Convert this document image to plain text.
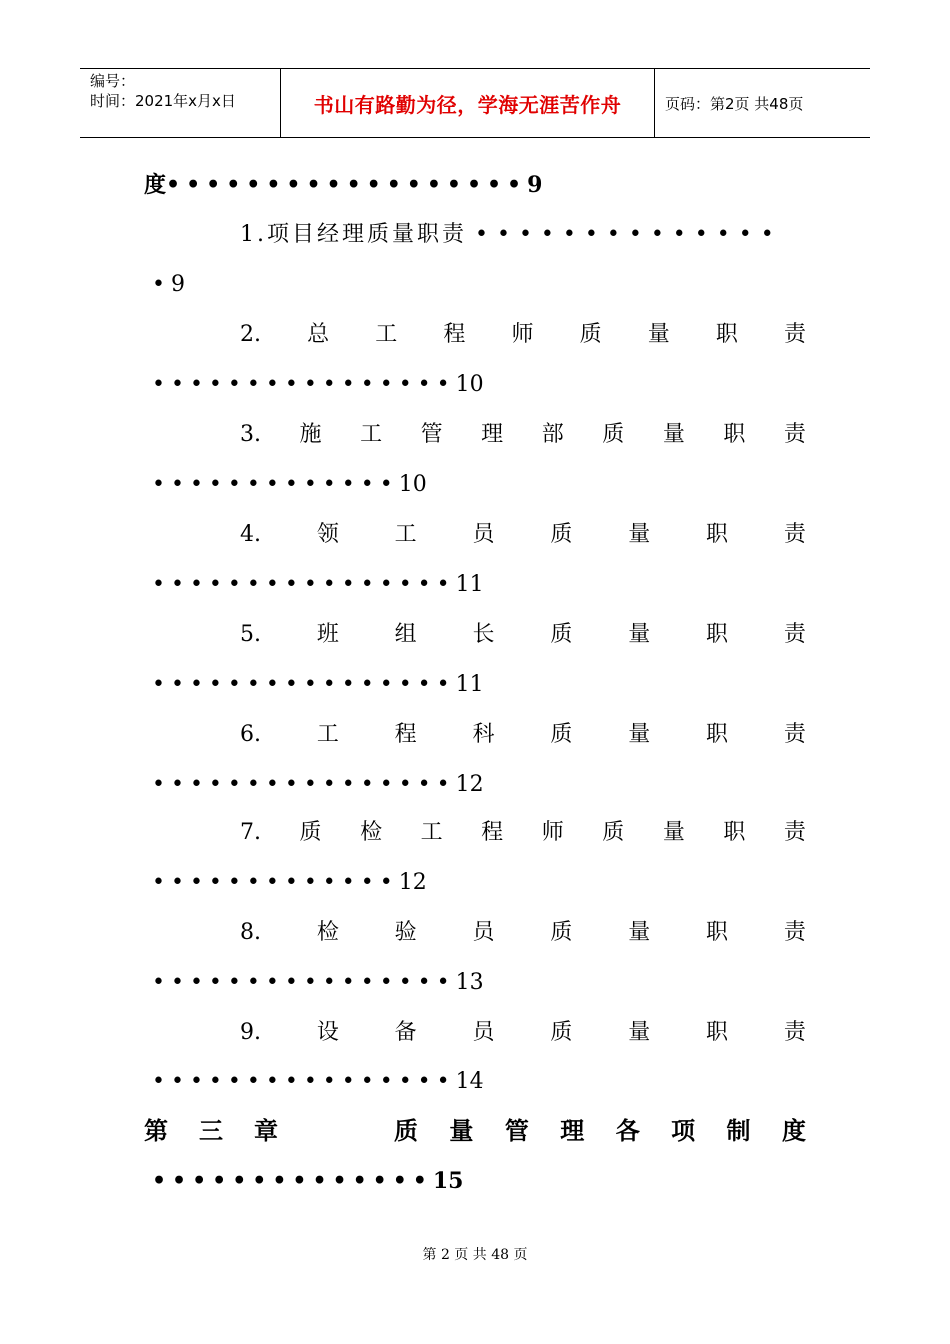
编号：
时间：2021年x月x日	书山有路勤为径，学海无涯苦作舟	页码：第2页 共48页
度••••••••••••••••••9
1.项目经理质量职责 ••••••••••••••
•9
2. 总 工 程 师 质 量 职 责
••••••••••••••••10
3. 施 工 管 理 部 质 量 职 责
•••••••••••••10
4.	领	工	员	质	量	职	责
••••••••••••••••11
5.	班	组	长	质	量	职	责
••••••••••••••••11
6.	工	程	科	质	量	职	责
••••••••••••••••12
7. 质 检 工 程 师 质 量 职 责
•••••••••••••12
8.	检	验	员	质	量	职	责
••••••••••••••••13
9.	设	备	员	质	量	职	责
••••••••••••••••14
第 三 章	质 量 管 理 各 项 制 度
••••••••••••••15
第 2 页 共 48 页
